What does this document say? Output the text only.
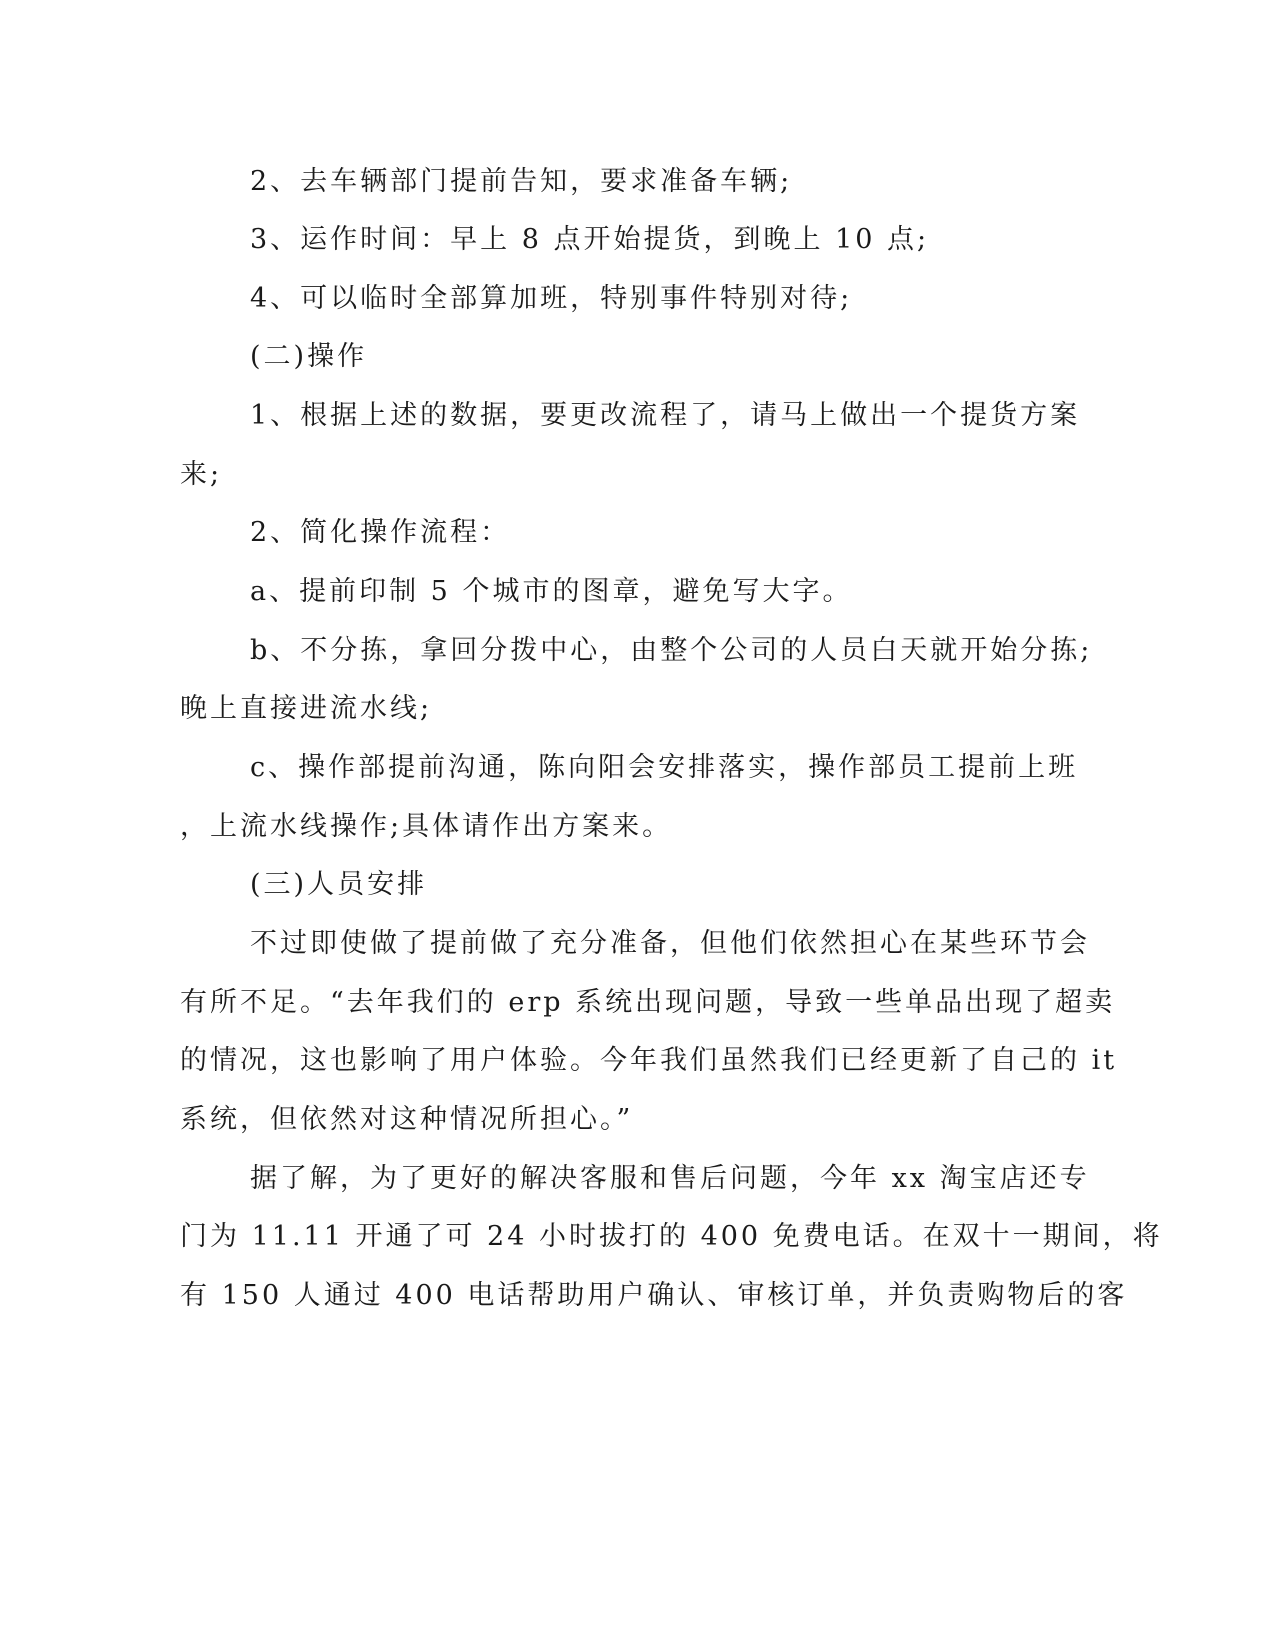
2、去车辆部门提前告知，要求准备车辆;
3、运作时间：早上 8 点开始提货，到晚上 10 点;
4、可以临时全部算加班，特别事件特别对待;
(二)操作
1、根据上述的数据，要更改流程了，请马上做出一个提货方案
来;
2、简化操作流程：
a、提前印制 5 个城市的图章，避免写大字。
b、不分拣，拿回分拨中心，由整个公司的人员白天就开始分拣;
晚上直接进流水线;
c、操作部提前沟通，陈向阳会安排落实，操作部员工提前上班
，上流水线操作;具体请作出方案来。
(三)人员安排
不过即使做了提前做了充分准备，但他们依然担心在某些环节会
有所不足。“去年我们的 erp 系统出现问题，导致一些单品出现了超卖
的情况，这也影响了用户体验。今年我们虽然我们已经更新了自己的 it
系统，但依然对这种情况所担心。”
据了解，为了更好的解决客服和售后问题，今年 xx 淘宝店还专
门为 11.11 开通了可 24 小时拔打的 400 免费电话。在双十一期间，将
有 150 人通过 400 电话帮助用户确认、审核订单，并负责购物后的客
